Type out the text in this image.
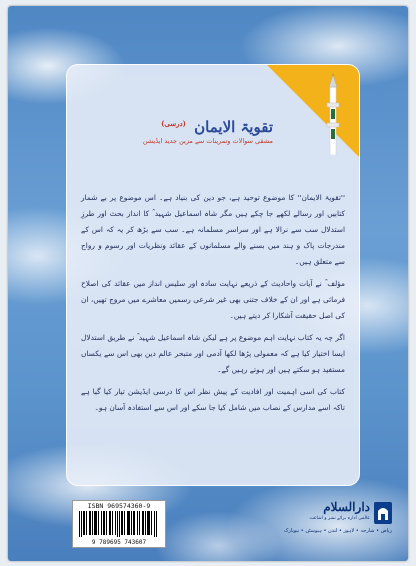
تقویۃ الایمان $^{(درسی)}$
مشقی سوالات وتمرینات سے مزین جدید ایڈیشن

''تقویۃ الایمان'' کا موضوع توحید ہے، جو دین کی بنیاد ہے۔ اس موضوع پر بے شمار کتابیں اور رسالے لکھے جا چکے ہیں مگر شاہ اسماعیل شہید ؒ کا انداز بحث اور طرزِ استدلال سب سے نرالا ہے اور سراسر مسلمانہ ہے۔ سب سے بڑھ کر یہ کہ اس کے مندرجات پاک و ہند میں بسنے والے مسلمانوں کے عقائد ونظریات اور رسوم و رواج سے متعلق ہیں۔

مؤلف ؒ نے آیات واحادیث کے ذریعے نہایت سادہ اور سلیس انداز میں عقائد کی اصلاح فرمائی ہے اور ان کے خلاف جتنی بھی غیر شرعی رسمیں معاشرے میں مروج تھیں، ان کی اصل حقیقت آشکارا کر دیتے ہیں۔

اگر چہ یہ کتاب نہایت اہم موضوع پر ہے لیکن شاہ اسماعیل شہید ؒ نے طریق استدلال ایسا اختیار کیا ہے کہ معمولی پڑھا لکھا آدمی اور متبحر عالم دین بھی اس سے یکساں مستفید ہو سکتے ہیں اور ہوتے رہیں گے۔

کتاب کی اسی اہمیت اور افادیت کے پیش نظر اس کا درسی ایڈیشن تیار کیا گیا ہے تاکہ اسے مدارس کے نصاب میں شامل کیا جا سکے اور اس سے استفادہ آسان ہو۔

ISBN 969574360-9
9 789695 743607
دارالسلام
عالمی ادارہ برائے نشر و اشاعت
ریاض • شارجہ • لاہور • لندن • ہیوسٹن • نیویارک
